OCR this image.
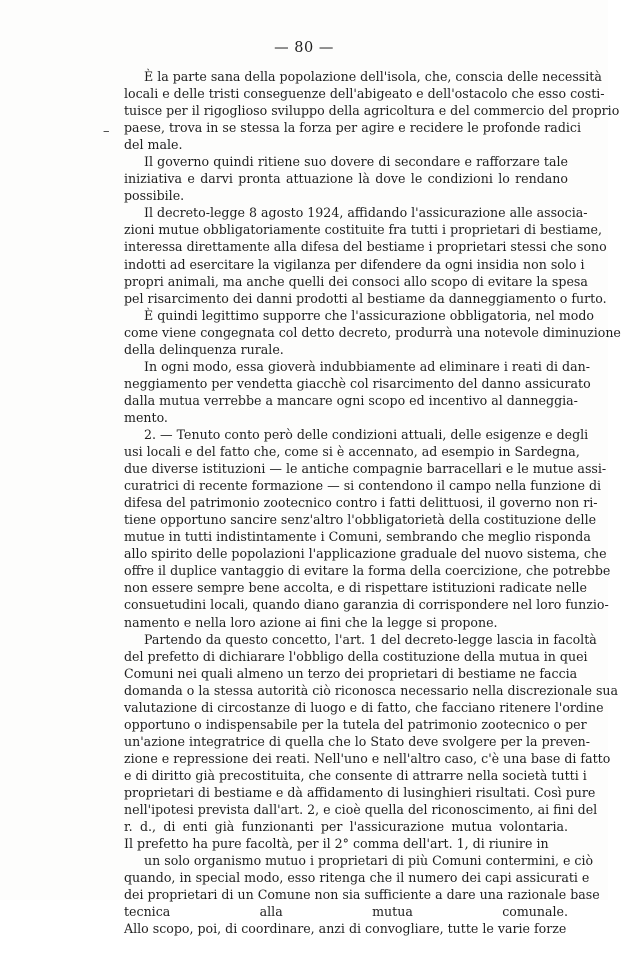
— 80 —
–
È la parte sana della popolazione dell'isola, che, conscia delle necessità
locali e delle tristi conseguenze dell'abigeato e dell'ostacolo che esso costi-
tuisce per il rigoglioso sviluppo della agricoltura e del commercio del proprio
paese, trova in se stessa la forza per agire e recidere le profonde radici
del male.
Il governo quindi ritiene suo dovere di secondare e rafforzare tale
iniziativa e darvi pronta attuazione là dove le condizioni lo rendano
possibile.
Il decreto-legge 8 agosto 1924, affidando l'assicurazione alle associa-
zioni mutue obbligatoriamente costituite fra tutti i proprietari di bestiame,
interessa direttamente alla difesa del bestiame i proprietari stessi che sono
indotti ad esercitare la vigilanza per difendere da ogni insidia non solo i
propri animali, ma anche quelli dei consoci allo scopo di evitare la spesa
pel risarcimento dei danni prodotti al bestiame da danneggiamento o furto.
È quindi legittimo supporre che l'assicurazione obbligatoria, nel modo
come viene congegnata col detto decreto, produrrà una notevole diminuzione
della delinquenza rurale.
In ogni modo, essa gioverà indubbiamente ad eliminare i reati di dan-
neggiamento per vendetta giacchè col risarcimento del danno assicurato
dalla mutua verrebbe a mancare ogni scopo ed incentivo al danneggia-
mento.
2. — Tenuto conto però delle condizioni attuali, delle esigenze e degli
usi locali e del fatto che, come si è accennato, ad esempio in Sardegna,
due diverse istituzioni — le antiche compagnie barracellari e le mutue assi-
curatrici di recente formazione — si contendono il campo nella funzione di
difesa del patrimonio zootecnico contro i fatti delittuosi, il governo non ri-
tiene opportuno sancire senz'altro l'obbligatorietà della costituzione delle
mutue in tutti indistintamente i Comuni, sembrando che meglio risponda
allo spirito delle popolazioni l'applicazione graduale del nuovo sistema, che
offre il duplice vantaggio di evitare la forma della coercizione, che potrebbe
non essere sempre bene accolta, e di rispettare istituzioni radicate nelle
consuetudini locali, quando diano garanzia di corrispondere nel loro funzio-
namento e nella loro azione ai fini che la legge si propone.
Partendo da questo concetto, l'art. 1 del decreto-legge lascia in facoltà
del prefetto di dichiarare l'obbligo della costituzione della mutua in quei
Comuni nei quali almeno un terzo dei proprietari di bestiame ne faccia
domanda o la stessa autorità ciò riconosca necessario nella discrezionale sua
valutazione di circostanze di luogo e di fatto, che facciano ritenere l'ordine
opportuno o indispensabile per la tutela del patrimonio zootecnico o per
un'azione integratrice di quella che lo Stato deve svolgere per la preven-
zione e repressione dei reati. Nell'uno e nell'altro caso, c'è una base di fatto
e di diritto già precostituita, che consente di attrarre nella società tutti i
proprietari di bestiame e dà affidamento di lusinghieri risultati. Così pure
nell'ipotesi prevista dall'art. 2, e cioè quella del riconoscimento, ai fini del
r. d., di enti già funzionanti per l'assicurazione mutua volontaria.
Il prefetto ha pure facoltà, per il 2° comma dell'art. 1, di riunire in
un solo organismo mutuo i proprietari di più Comuni contermini, e ciò
quando, in special modo, esso ritenga che il numero dei capi assicurati e
dei proprietari di un Comune non sia sufficiente a dare una razionale base
tecnica alla mutua comunale.
Allo scopo, poi, di coordinare, anzi di convogliare, tutte le varie forze
